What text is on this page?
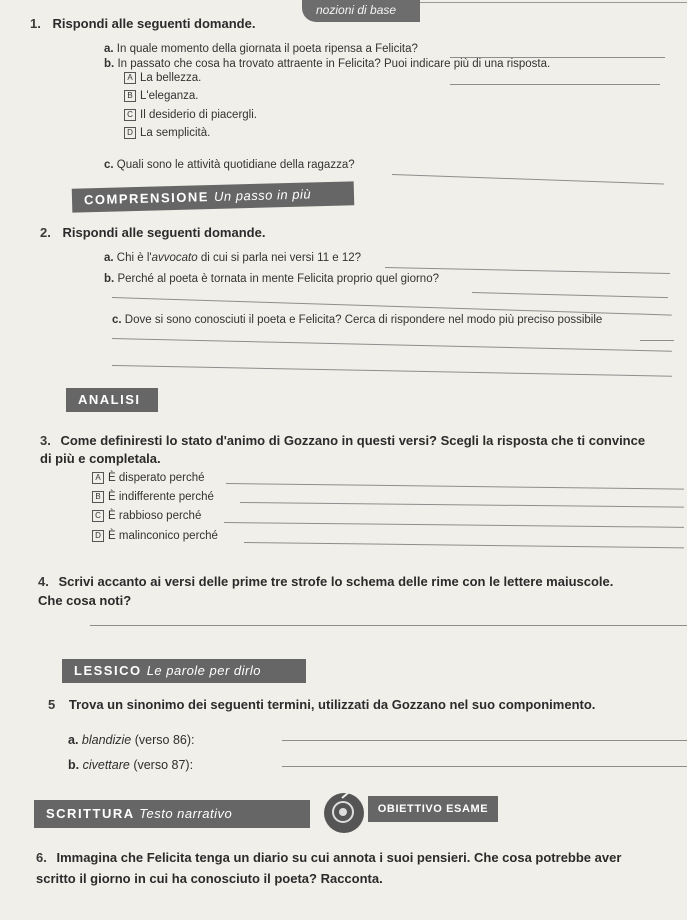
nozioni di base
1. Rispondi alle seguenti domande.
a. In quale momento della giornata il poeta ripensa a Felicita?
b. In passato che cosa ha trovato attraente in Felicita? Puoi indicare più di una risposta.
A La bellezza.
B L'eleganza.
C Il desiderio di piacergli.
D La semplicità.
c. Quali sono le attività quotidiane della ragazza?
COMPRENSIONE Un passo in più
2. Rispondi alle seguenti domande.
a. Chi è l'avvocato di cui si parla nei versi 11 e 12?
b. Perché al poeta è tornata in mente Felicita proprio quel giorno?
c. Dove si sono conosciuti il poeta e Felicita? Cerca di rispondere nel modo più preciso possibile
ANALISI
3. Come definiresti lo stato d'animo di Gozzano in questi versi? Scegli la risposta che ti convince
di più e completala.
A È disperato perché
B È indifferente perché
C È rabbioso perché
D È malinconico perché
4. Scrivi accanto ai versi delle prime tre strofe lo schema delle rime con le lettere maiuscole.
Che cosa noti?
LESSICO Le parole per dirlo
5 Trova un sinonimo dei seguenti termini, utilizzati da Gozzano nel suo componimento.
a. blandizie (verso 86):
b. civettare (verso 87):
SCRITTURA Testo narrativo	OBIETTIVO ESAME
6. Immagina che Felicita tenga un diario su cui annota i suoi pensieri. Che cosa potrebbe aver
scritto il giorno in cui ha conosciuto il poeta? Racconta.
